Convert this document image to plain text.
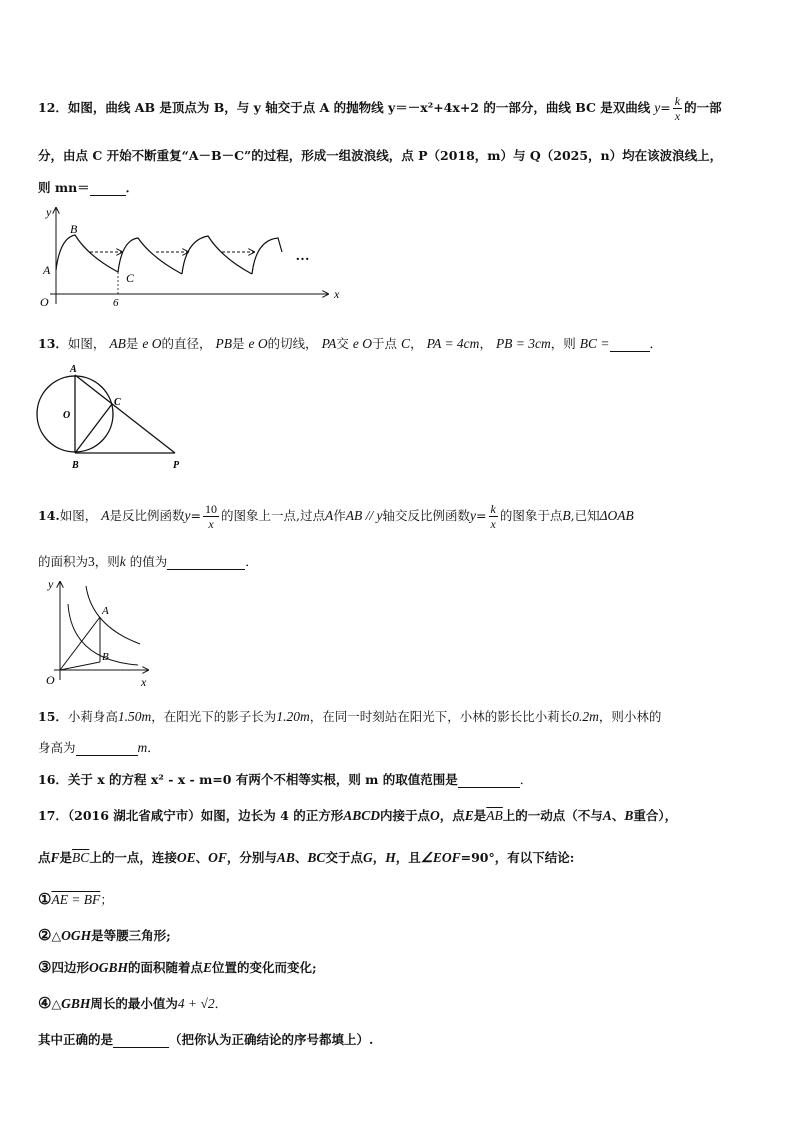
12．如图，曲线 AB 是顶点为 B，与 y 轴交于点 A 的抛物线 y＝－x²+4x+2 的一部分，曲线 BC 是双曲线 $y= \frac{k}{x}$ 的一部
分，由点 C 开始不断重复“A－B－C”的过程，形成一组波浪线，点 P（2018，m）与 Q（2025，n）均在该波浪线上，
则 mn＝	．
y
x
O
A
B
C
6
…
13．如图， AB是 e O的直径， PB是 e O的切线， PA交 e O于点 C， PA = 4cm， PB = 3cm，则 BC =	．
A
O
C
B	P
14.如图， A是反比例函数$y= \frac{10}{x}$ 的图象上一点,过点A作AB // y轴交反比例函数$y= \frac{k}{x}$ 的图象于点B,已知ΔOAB
的面积为3，则k 的值为	．
y
x
O
A
B
15．小莉身高1.50m，在阳光下的影子长为1.20m，在同一时刻站在阳光下，小林的影长比小莉长0.2m，则小林的
身高为	m．
16．关于 x 的方程 x² - x - m=0 有两个不相等实根，则 m 的取值范围是	．
17．（2016 湖北省咸宁市）如图，边长为 4 的正方形ABCD内接于点O，点E是$\overline{AB}$上的一动点（不与A、B重合），
点F是$\overline{BC}$上的一点，连接OE、OF，分别与AB、BC交于点G，H，且∠EOF=90°，有以下结论:
①AE = BF；
②△OGH是等腰三角形;
③四边形OGBH的面积随着点E位置的变化而变化;
④△GBH周长的最小值为4 + √2．
其中正确的是	（把你认为正确结论的序号都填上）.
